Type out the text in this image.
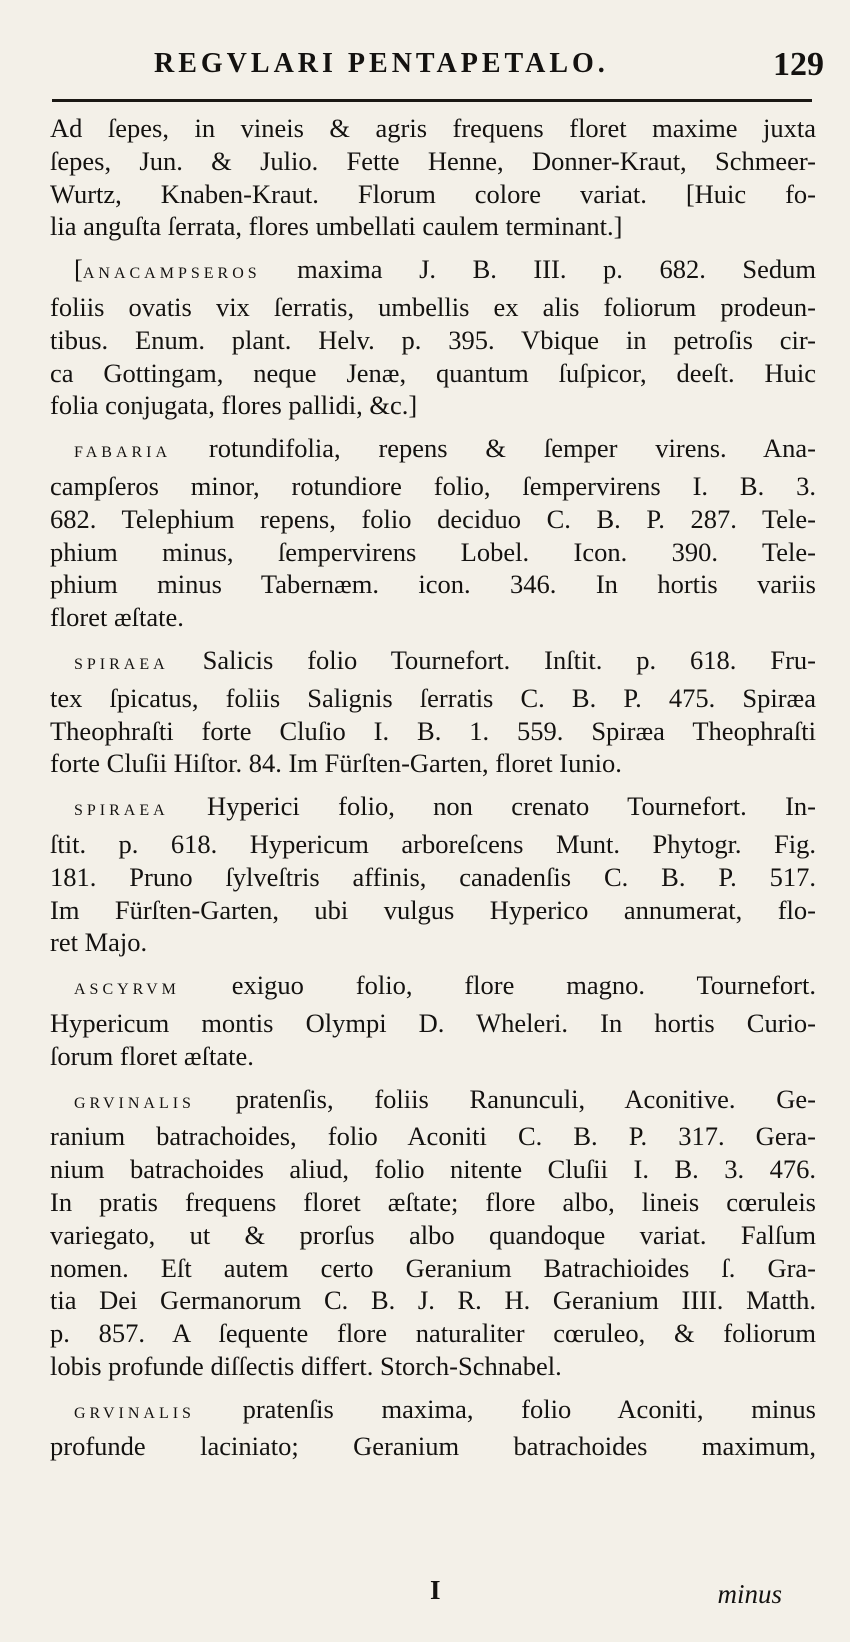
REGVLARI PENTAPETALO.	129
Ad ſepes, in vineis & agris frequens floret maxime juxta
ſepes, Jun. & Julio. Fette Henne, Donner-Kraut, Schmeer-
Wurtz, Knaben-Kraut. Florum colore variat. [Huic fo-
lia anguſta ſerrata, flores umbellati caulem terminant.]
[ANACAMPSEROS maxima J. B. III. p. 682. Sedum
foliis ovatis vix ſerratis, umbellis ex alis foliorum prodeun-
tibus. Enum. plant. Helv. p. 395. Vbique in petroſis cir-
ca Gottingam, neque Jenæ, quantum ſuſpicor, deeſt. Huic
folia conjugata, flores pallidi, &c.]
FABARIA rotundifolia, repens & ſemper virens. Ana-
campſeros minor, rotundiore folio, ſempervirens I. B. 3.
682. Telephium repens, folio deciduo C. B. P. 287. Tele-
phium minus, ſempervirens Lobel. Icon. 390. Tele-
phium minus Tabernæm. icon. 346. In hortis variis
floret æſtate.
SPIRAEA Salicis folio Tournefort. Inſtit. p. 618. Fru-
tex ſpicatus, foliis Salignis ſerratis C. B. P. 475. Spiræa
Theophraſti forte Cluſio I. B. 1. 559. Spiræa Theophraſti
forte Cluſii Hiſtor. 84. Im Fürſten-Garten, floret Iunio.
SPIRAEA Hyperici folio, non crenato Tournefort. In-
ſtit. p. 618. Hypericum arboreſcens Munt. Phytogr. Fig.
181. Pruno ſylveſtris affinis, canadenſis C. B. P. 517.
Im Fürſten-Garten, ubi vulgus Hyperico annumerat, flo-
ret Majo.
ASCYRVM exiguo folio, flore magno. Tournefort.
Hypericum montis Olympi D. Wheleri. In hortis Curio-
ſorum floret æſtate.
GRVINALIS pratenſis, foliis Ranunculi, Aconitive. Ge-
ranium batrachoides, folio Aconiti C. B. P. 317. Gera-
nium batrachoides aliud, folio nitente Cluſii I. B. 3. 476.
In pratis frequens floret æſtate; flore albo, lineis cœruleis
variegato, ut & prorſus albo quandoque variat. Falſum
nomen. Eſt autem certo Geranium Batrachioides ſ. Gra-
tia Dei Germanorum C. B. J. R. H. Geranium IIII. Matth.
p. 857. A ſequente flore naturaliter cœruleo, & foliorum
lobis profunde diſſectis differt. Storch-Schnabel.
GRVINALIS pratenſis maxima, folio Aconiti, minus
profunde laciniato; Geranium batrachoides maximum,
I	minus
